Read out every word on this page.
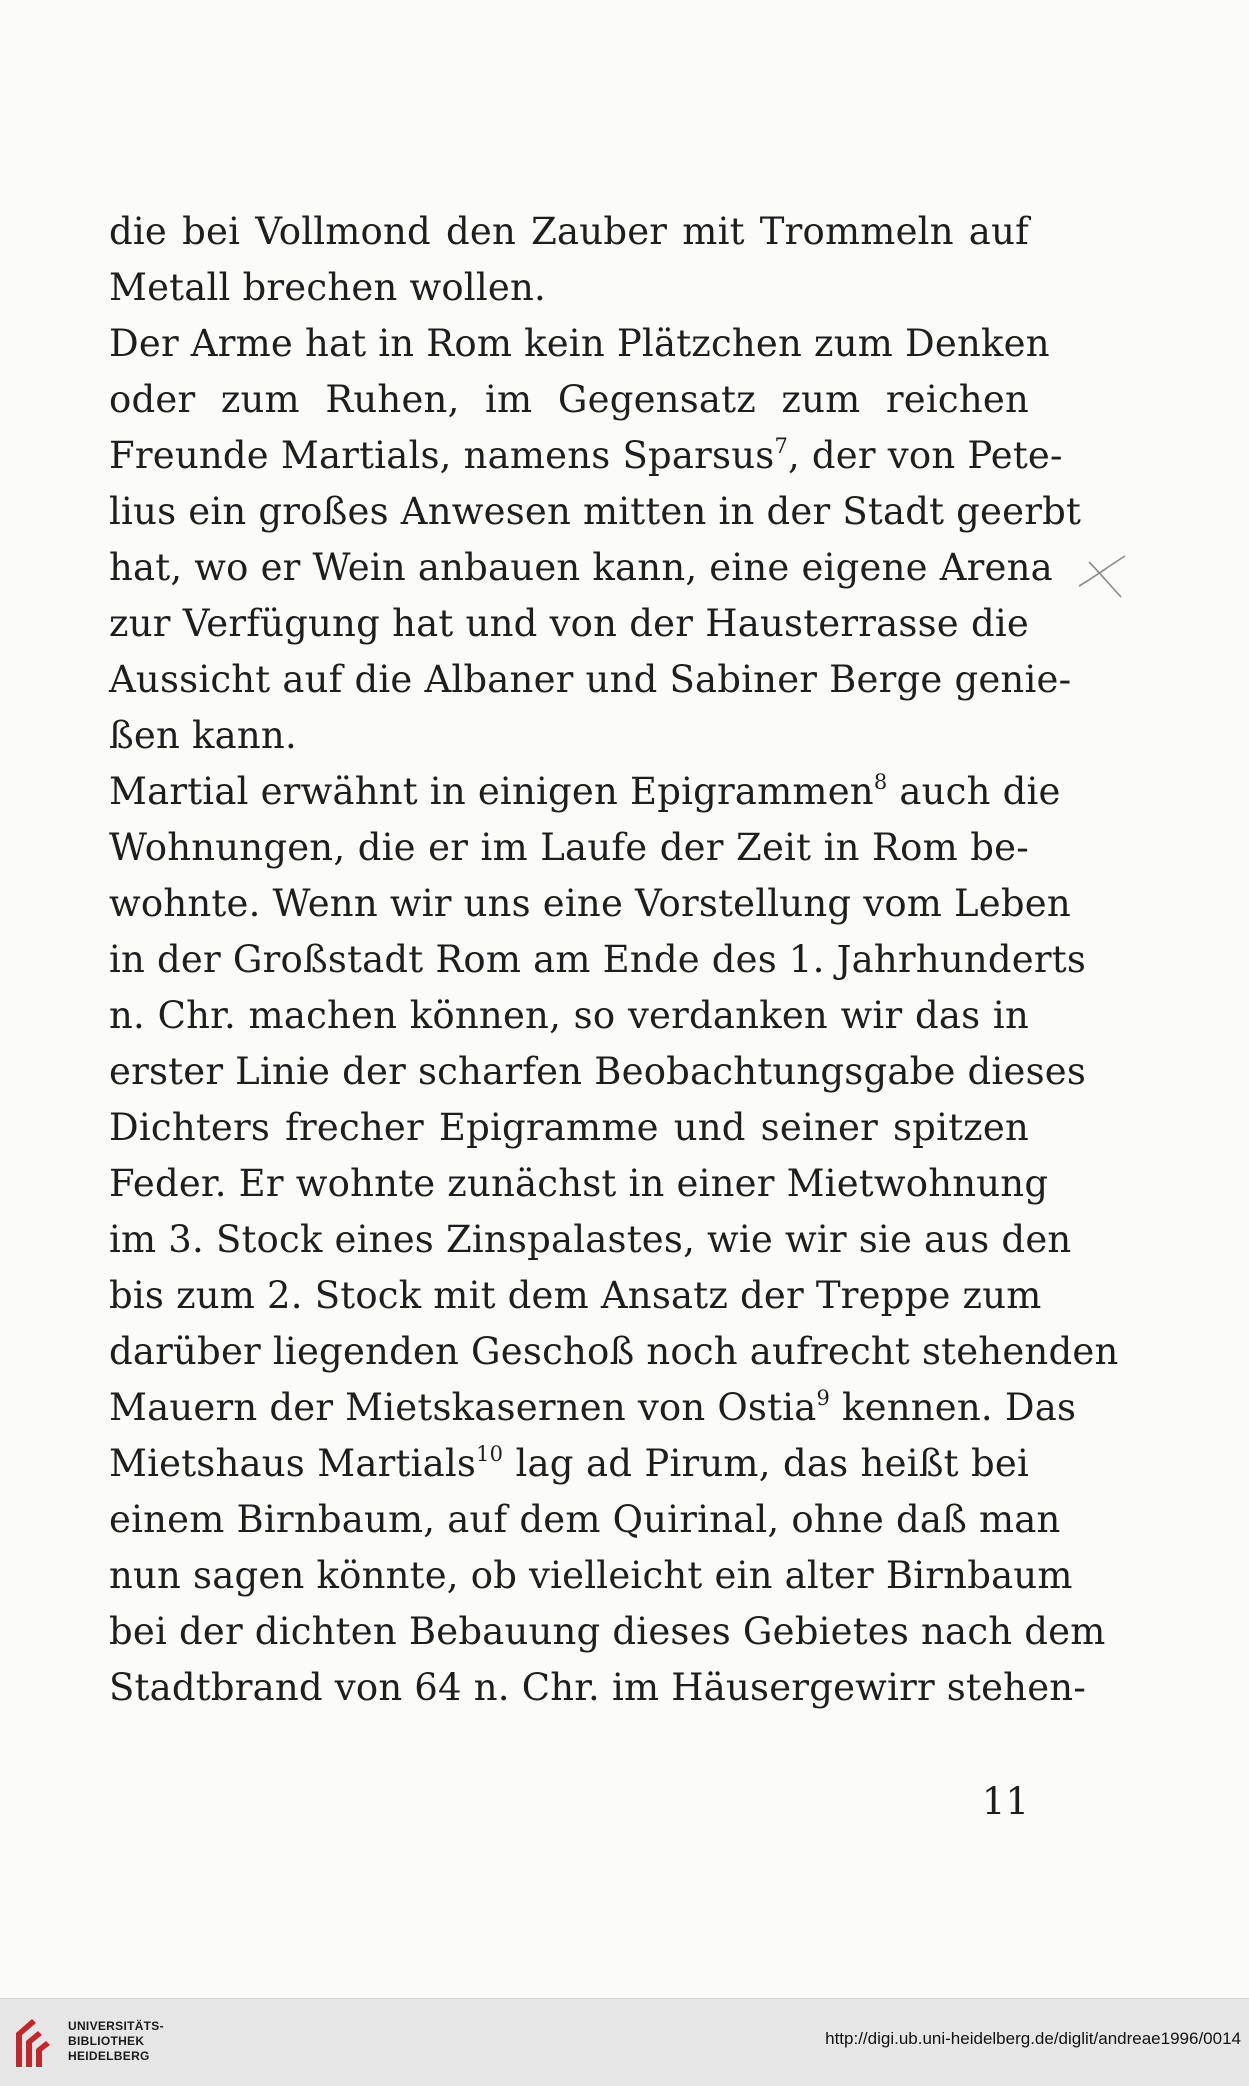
die bei Vollmond den Zauber mit Trommeln auf
Metall brechen wollen.
Der Arme hat in Rom kein Plätzchen zum Denken
oder zum Ruhen, im Gegensatz zum reichen
Freunde Martials, namens Sparsus$^7$, der von Pete-
lius ein großes Anwesen mitten in der Stadt geerbt
hat, wo er Wein anbauen kann, eine eigene Arena
zur Verfügung hat und von der Hausterrasse die
Aussicht auf die Albaner und Sabiner Berge genie-
ßen kann.
Martial erwähnt in einigen Epigrammen$^8$ auch die
Wohnungen, die er im Laufe der Zeit in Rom be-
wohnte. Wenn wir uns eine Vorstellung vom Leben
in der Großstadt Rom am Ende des 1. Jahrhunderts
n. Chr. machen können, so verdanken wir das in
erster Linie der scharfen Beobachtungsgabe dieses
Dichters frecher Epigramme und seiner spitzen
Feder. Er wohnte zunächst in einer Mietwohnung
im 3. Stock eines Zinspalastes, wie wir sie aus den
bis zum 2. Stock mit dem Ansatz der Treppe zum
darüber liegenden Geschoß noch aufrecht stehenden
Mauern der Mietskasernen von Ostia$^9$ kennen. Das
Mietshaus Martials$^{10}$ lag ad Pirum, das heißt bei
einem Birnbaum, auf dem Quirinal, ohne daß man
nun sagen könnte, ob vielleicht ein alter Birnbaum
bei der dichten Bebauung dieses Gebietes nach dem
Stadtbrand von 64 n. Chr. im Häusergewirr stehen-
11
UNIVERSITÄTS-
BIBLIOTHEK
HEIDELBERG
http://digi.ub.uni-heidelberg.de/diglit/andreae1996/0014
